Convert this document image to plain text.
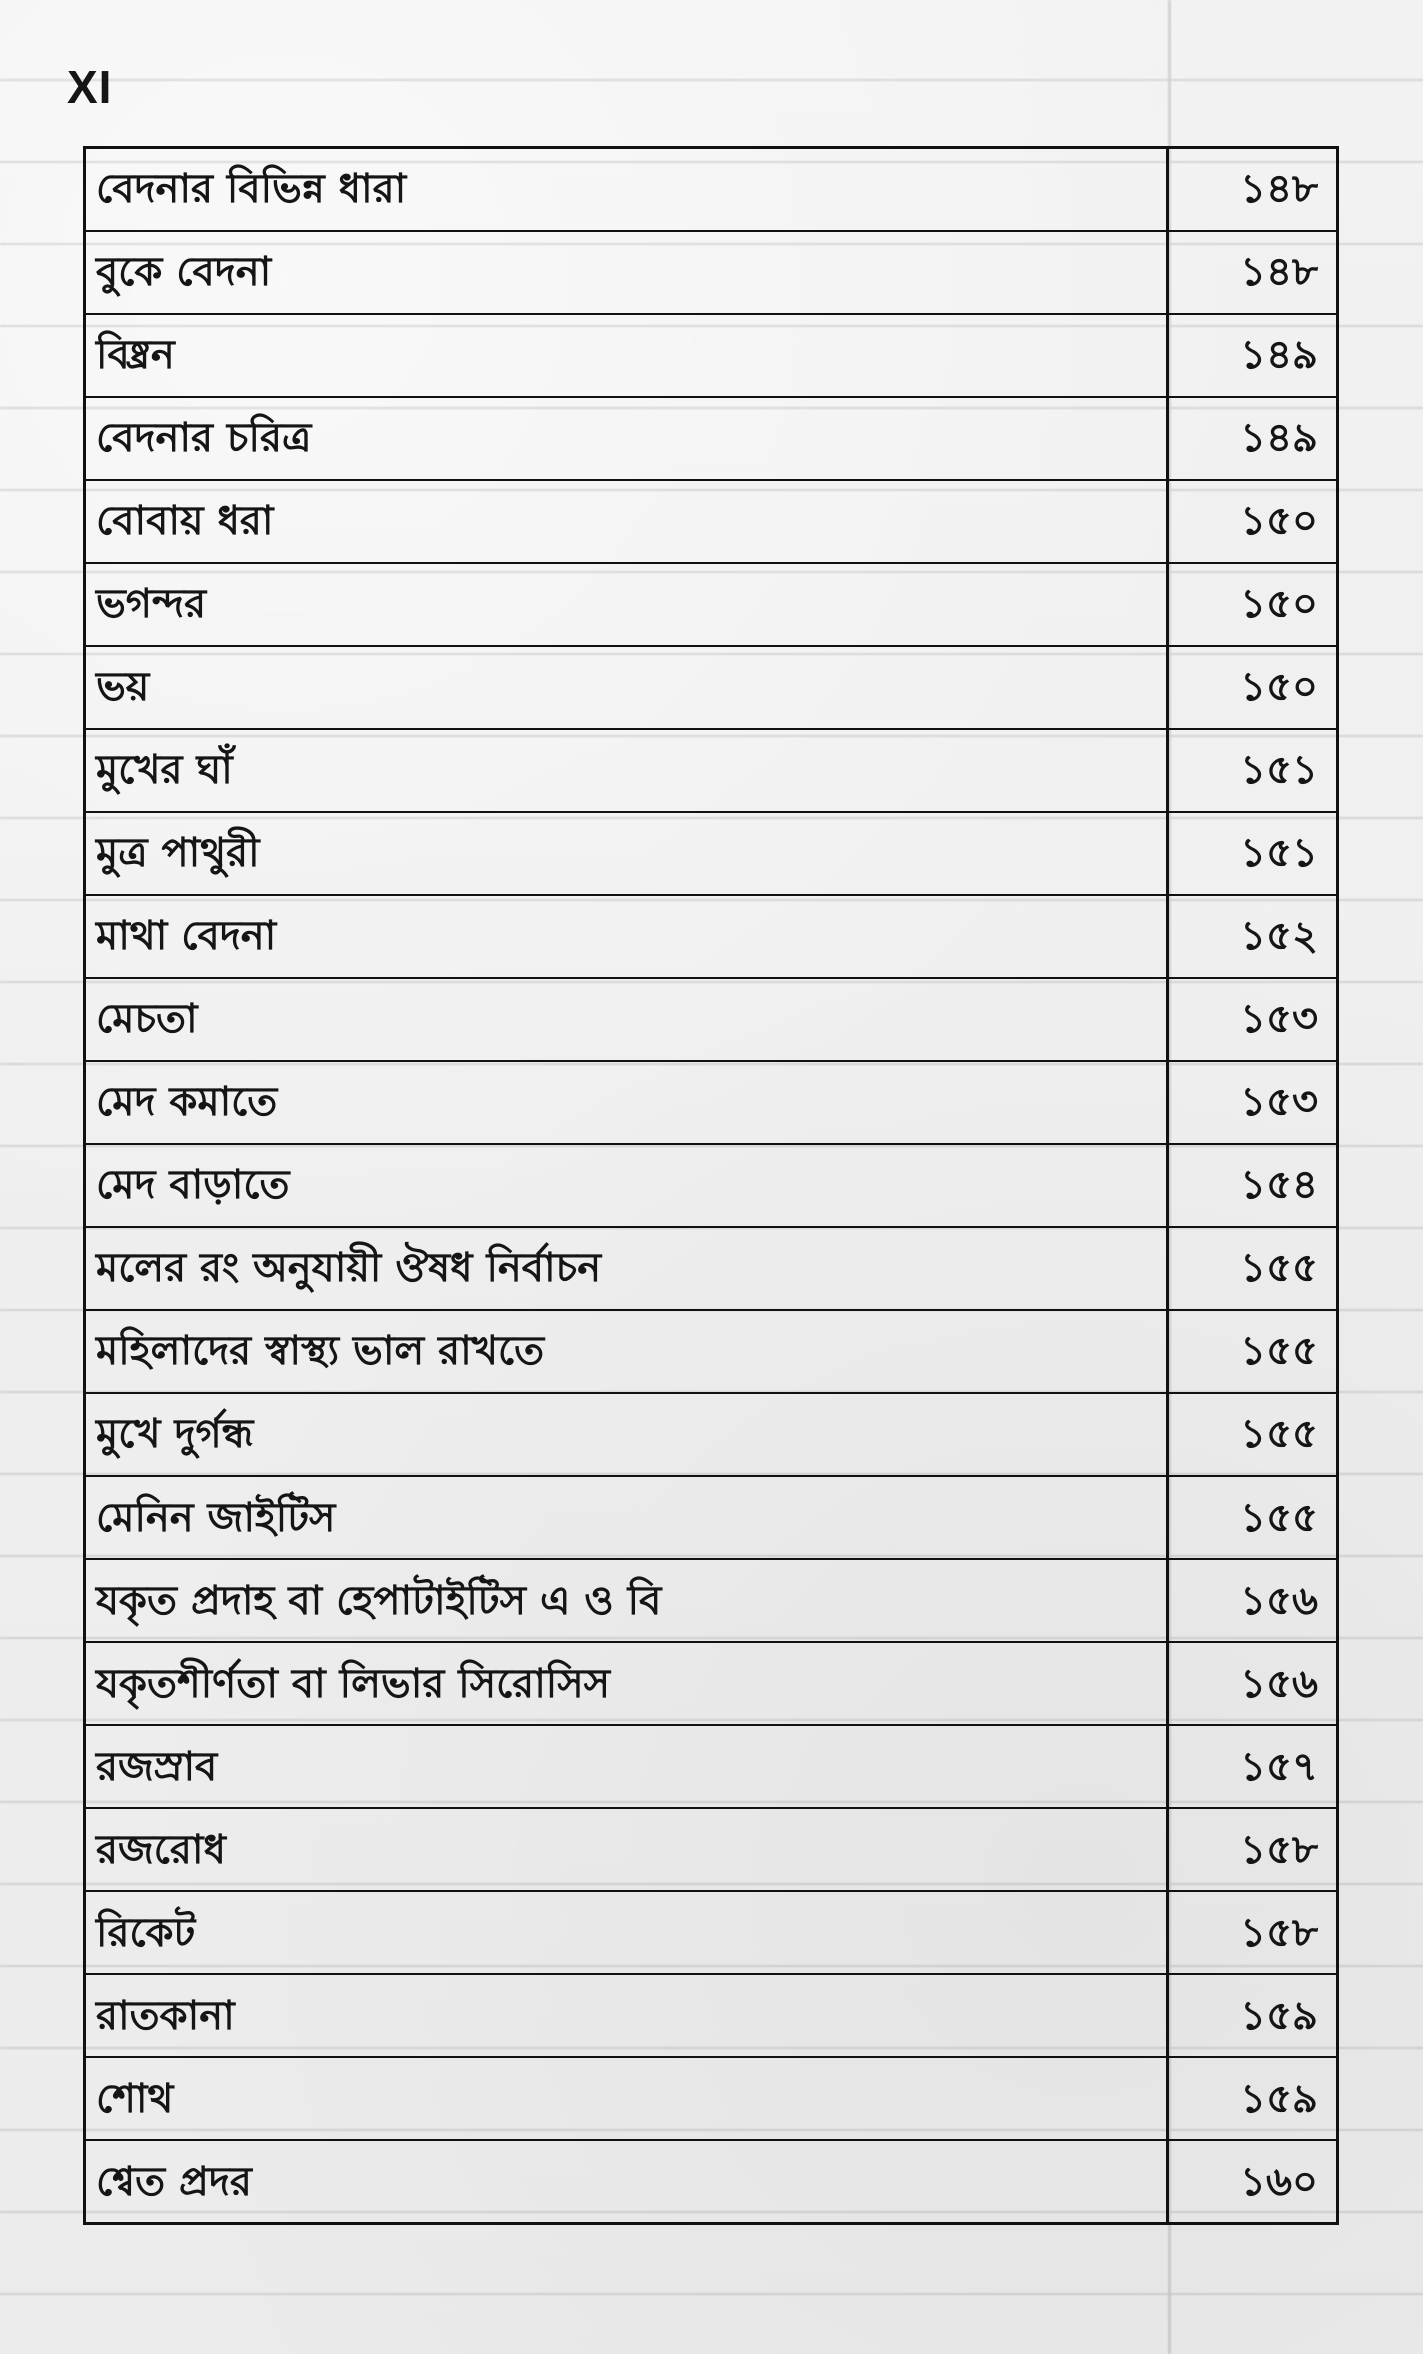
XI
বেদনার বিভিন্ন ধারা	১৪৮
বুকে বেদনা	১৪৮
বিষ্ব্রন	১৪৯
বেদনার চরিত্র	১৪৯
বোবায় ধরা	১৫০
ভগন্দর	১৫০
ভয়	১৫০
মুখের ঘাঁ	১৫১
মুত্র পাথুরী	১৫১
মাথা বেদনা	১৫২
মেচতা	১৫৩
মেদ কমাতে	১৫৩
মেদ বাড়াতে	১৫৪
মলের রং অনুযায়ী ঔষধ নির্বাচন	১৫৫
মহিলাদের স্বাস্থ্য ভাল রাখতে	১৫৫
মুখে দুর্গন্ধ	১৫৫
মেনিন জাইটিস	১৫৫
যকৃত প্রদাহ বা হেপাটাইটিস এ ও বি	১৫৬
যকৃতশীর্ণতা বা লিভার সিরোসিস	১৫৬
রজস্রাব	১৫৭
রজরোধ	১৫৮
রিকেট	১৫৮
রাতকানা	১৫৯
শোথ	১৫৯
শ্বেত প্রদর	১৬০
